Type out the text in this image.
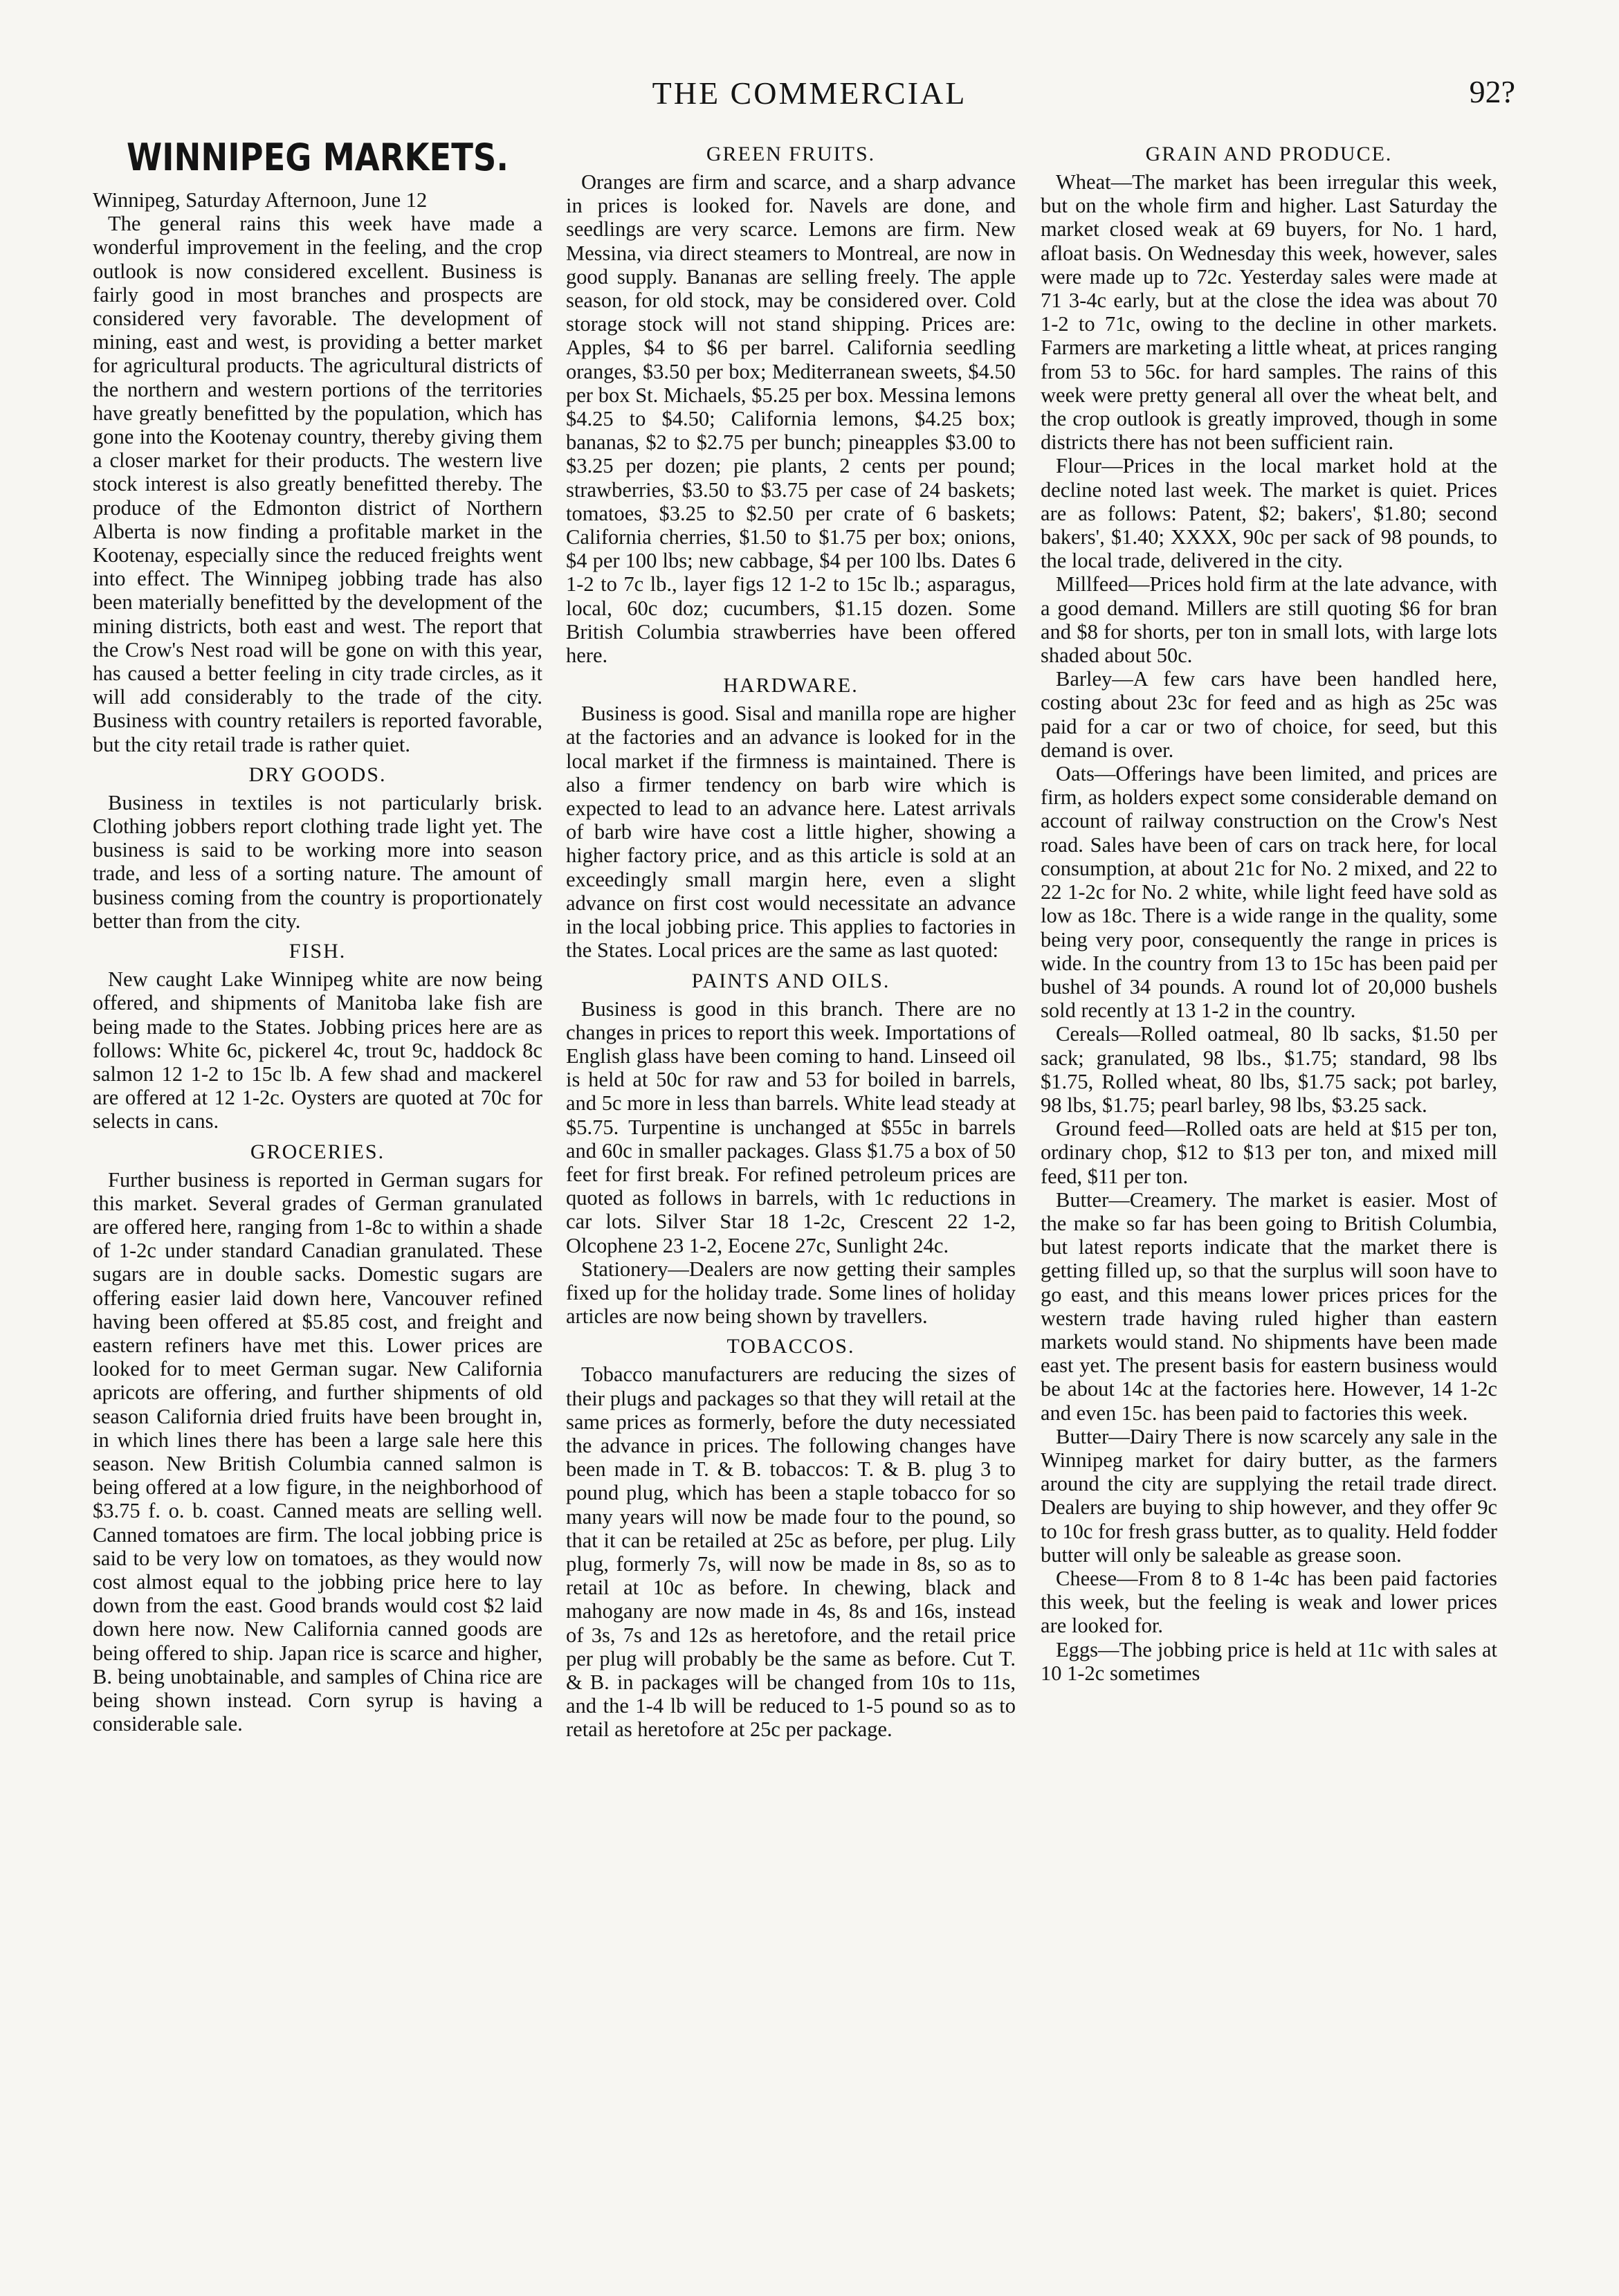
THE COMMERCIAL	92?
WINNIPEG MARKETS.

Winnipeg, Saturday Afternoon, June 12

The general rains this week have made a wonderful improvement in the feeling, and the crop outlook is now considered excellent. Business is fairly good in most branches and prospects are considered very favorable. The development of mining, east and west, is providing a better market for agricultural products. The agricultural districts of the northern and western portions of the territories have greatly benefitted by the population, which has gone into the Kootenay country, thereby giving them a closer market for their products. The western live stock interest is also greatly benefitted thereby. The produce of the Edmonton district of Northern Alberta is now finding a profitable market in the Kootenay, especially since the reduced freights went into effect. The Winnipeg jobbing trade has also been materially benefitted by the development of the mining districts, both east and west. The report that the Crow's Nest road will be gone on with this year, has caused a better feeling in city trade circles, as it will add considerably to the trade of the city. Business with country retailers is reported favorable, but the city retail trade is rather quiet.

DRY GOODS.

Business in textiles is not particularly brisk. Clothing jobbers report clothing trade light yet. The business is said to be working more into season trade, and less of a sorting nature. The amount of business coming from the country is proportionately better than from the city.

FISH.

New caught Lake Winnipeg white are now being offered, and shipments of Manitoba lake fish are being made to the States. Jobbing prices here are as follows: White 6c, pickerel 4c, trout 9c, haddock 8c salmon 12 1-2 to 15c lb. A few shad and mackerel are offered at 12 1-2c. Oysters are quoted at 70c for selects in cans.

GROCERIES.

Further business is reported in German sugars for this market. Several grades of German granulated are offered here, ranging from 1-8c to within a shade of 1-2c under standard Canadian granulated. These sugars are in double sacks. Domestic sugars are offering easier laid down here, Vancouver refined having been offered at $5.85 cost, and freight and eastern refiners have met this. Lower prices are looked for to meet German sugar. New California apricots are offering, and further shipments of old season California dried fruits have been brought in, in which lines there has been a large sale here this season. New British Columbia canned salmon is being offered at a low figure, in the neighborhood of $3.75 f. o. b. coast. Canned meats are selling well. Canned tomatoes are firm. The local jobbing price is said to be very low on tomatoes, as they would now cost almost equal to the jobbing price here to lay down from the east. Good brands would cost $2 laid down here now. New California canned goods are being offered to ship. Japan rice is scarce and higher, B. being unobtainable, and samples of China rice are being shown instead. Corn syrup is having a considerable sale.

GREEN FRUITS.

Oranges are firm and scarce, and a sharp advance in prices is looked for. Navels are done, and seedlings are very scarce. Lemons are firm. New Messina, via direct steamers to Montreal, are now in good supply. Bananas are selling freely. The apple season, for old stock, may be considered over. Cold storage stock will not stand shipping. Prices are: Apples, $4 to $6 per barrel. California seedling oranges, $3.50 per box; Mediterranean sweets, $4.50 per box St. Michaels, $5.25 per box. Messina lemons $4.25 to $4.50; California lemons, $4.25 box; bananas, $2 to $2.75 per bunch; pineapples $3.00 to $3.25 per dozen; pie plants, 2 cents per pound; strawberries, $3.50 to $3.75 per case of 24 baskets; tomatoes, $3.25 to $2.50 per crate of 6 baskets; California cherries, $1.50 to $1.75 per box; onions, $4 per 100 lbs; new cabbage, $4 per 100 lbs. Dates 6 1-2 to 7c lb., layer figs 12 1-2 to 15c lb.; asparagus, local, 60c doz; cucumbers, $1.15 dozen. Some British Columbia strawberries have been offered here.

HARDWARE.

Business is good. Sisal and manilla rope are higher at the factories and an advance is looked for in the local market if the firmness is maintained. There is also a firmer tendency on barb wire which is expected to lead to an advance here. Latest arrivals of barb wire have cost a little higher, showing a higher factory price, and as this article is sold at an exceedingly small margin here, even a slight advance on first cost would necessitate an advance in the local jobbing price. This applies to factories in the States. Local prices are the same as last quoted:

PAINTS AND OILS.

Business is good in this branch. There are no changes in prices to report this week. Importations of English glass have been coming to hand. Linseed oil is held at 50c for raw and 53 for boiled in barrels, and 5c more in less than barrels. White lead steady at $5.75. Turpentine is unchanged at $55c in barrels and 60c in smaller packages. Glass $1.75 a box of 50 feet for first break. For refined petroleum prices are quoted as follows in barrels, with 1c reductions in car lots. Silver Star 18 1-2c, Crescent 22 1-2, Olcophene 23 1-2, Eocene 27c, Sunlight 24c.

Stationery—Dealers are now getting their samples fixed up for the holiday trade. Some lines of holiday articles are now being shown by travellers.

TOBACCOS.

Tobacco manufacturers are reducing the sizes of their plugs and packages so that they will retail at the same prices as formerly, before the duty necessiated the advance in prices. The following changes have been made in T. & B. tobaccos: T. & B. plug 3 to pound plug, which has been a staple tobacco for so many years will now be made four to the pound, so that it can be retailed at 25c as before, per plug. Lily plug, formerly 7s, will now be made in 8s, so as to retail at 10c as before. In chewing, black and mahogany are now made in 4s, 8s and 16s, instead of 3s, 7s and 12s as heretofore, and the retail price per plug will probably be the same as before. Cut T. & B. in packages will be changed from 10s to 11s, and the 1-4 lb will be reduced to 1-5 pound so as to retail as heretofore at 25c per package.

GRAIN AND PRODUCE.

Wheat—The market has been irregular this week, but on the whole firm and higher. Last Saturday the market closed weak at 69 buyers, for No. 1 hard, afloat basis. On Wednesday this week, however, sales were made up to 72c. Yesterday sales were made at 71 3-4c early, but at the close the idea was about 70 1-2 to 71c, owing to the decline in other markets. Farmers are marketing a little wheat, at prices ranging from 53 to 56c. for hard samples. The rains of this week were pretty general all over the wheat belt, and the crop outlook is greatly improved, though in some districts there has not been sufficient rain.

Flour—Prices in the local market hold at the decline noted last week. The market is quiet. Prices are as follows: Patent, $2; bakers', $1.80; second bakers', $1.40; XXXX, 90c per sack of 98 pounds, to the local trade, delivered in the city.

Millfeed—Prices hold firm at the late advance, with a good demand. Millers are still quoting $6 for bran and $8 for shorts, per ton in small lots, with large lots shaded about 50c.

Barley—A few cars have been handled here, costing about 23c for feed and as high as 25c was paid for a car or two of choice, for seed, but this demand is over.

Oats—Offerings have been limited, and prices are firm, as holders expect some considerable demand on account of railway construction on the Crow's Nest road. Sales have been of cars on track here, for local consumption, at about 21c for No. 2 mixed, and 22 to 22 1-2c for No. 2 white, while light feed have sold as low as 18c. There is a wide range in the quality, some being very poor, consequently the range in prices is wide. In the country from 13 to 15c has been paid per bushel of 34 pounds. A round lot of 20,000 bushels sold recently at 13 1-2 in the country.

Cereals—Rolled oatmeal, 80 lb sacks, $1.50 per sack; granulated, 98 lbs., $1.75; standard, 98 lbs $1.75, Rolled wheat, 80 lbs, $1.75 sack; pot barley, 98 lbs, $1.75; pearl barley, 98 lbs, $3.25 sack.

Ground feed—Rolled oats are held at $15 per ton, ordinary chop, $12 to $13 per ton, and mixed mill feed, $11 per ton.

Butter—Creamery. The market is easier. Most of the make so far has been going to British Columbia, but latest reports indicate that the market there is getting filled up, so that the surplus will soon have to go east, and this means lower prices prices for the western trade having ruled higher than eastern markets would stand. No shipments have been made east yet. The present basis for eastern business would be about 14c at the factories here. However, 14 1-2c and even 15c. has been paid to factories this week.

Butter—Dairy There is now scarcely any sale in the Winnipeg market for dairy butter, as the farmers around the city are supplying the retail trade direct. Dealers are buying to ship however, and they offer 9c to 10c for fresh grass butter, as to quality. Held fodder butter will only be saleable as grease soon.

Cheese—From 8 to 8 1-4c has been paid factories this week, but the feeling is weak and lower prices are looked for.

Eggs—The jobbing price is held at 11c with sales at 10 1-2c sometimes
